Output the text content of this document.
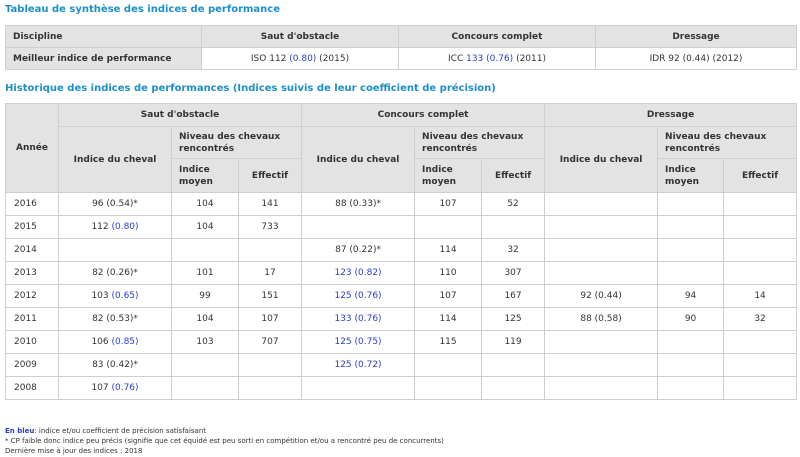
Tableau de synthèse des indices de performance
Discipline	Saut d'obstacle	Concours complet	Dressage
Meilleur indice de performance	ISO 112 (0.80) (2015)	ICC 133 (0.76) (2011)	IDR 92 (0.44) (2012)
Historique des indices de performances (Indices suivis de leur coefficient de précision)
Année	Saut d'obstacle			Concours complet			Dressage		
	Indice du cheval	Niveau des chevaux rencontrés		Indice du cheval	Niveau des chevaux rencontrés		Indice du cheval	Niveau des chevaux rencontrés	
		Indice moyen	Effectif		Indice moyen	Effectif		Indice moyen	Effectif
2016	96 (0.54)*	104	141	88 (0.33)*	107	52			
2015	112 (0.80)	104	733						
2014				87 (0.22)*	114	32			
2013	82 (0.26)*	101	17	123 (0.82)	110	307			
2012	103 (0.65)	99	151	125 (0.76)	107	167	92 (0.44)	94	14
2011	82 (0.53)*	104	107	133 (0.76)	114	125	88 (0.58)	90	32
2010	106 (0.85)	103	707	125 (0.75)	115	119			
2009	83 (0.42)*			125 (0.72)					
2008	107 (0.76)								
En bleu: indice et/ou coefficient de précision satisfaisant
* CP faible donc indice peu précis (signifie que cet équidé est peu sorti en compétition et/ou a rencontré peu de concurrents)
Dernière mise à jour des indices : 2018
